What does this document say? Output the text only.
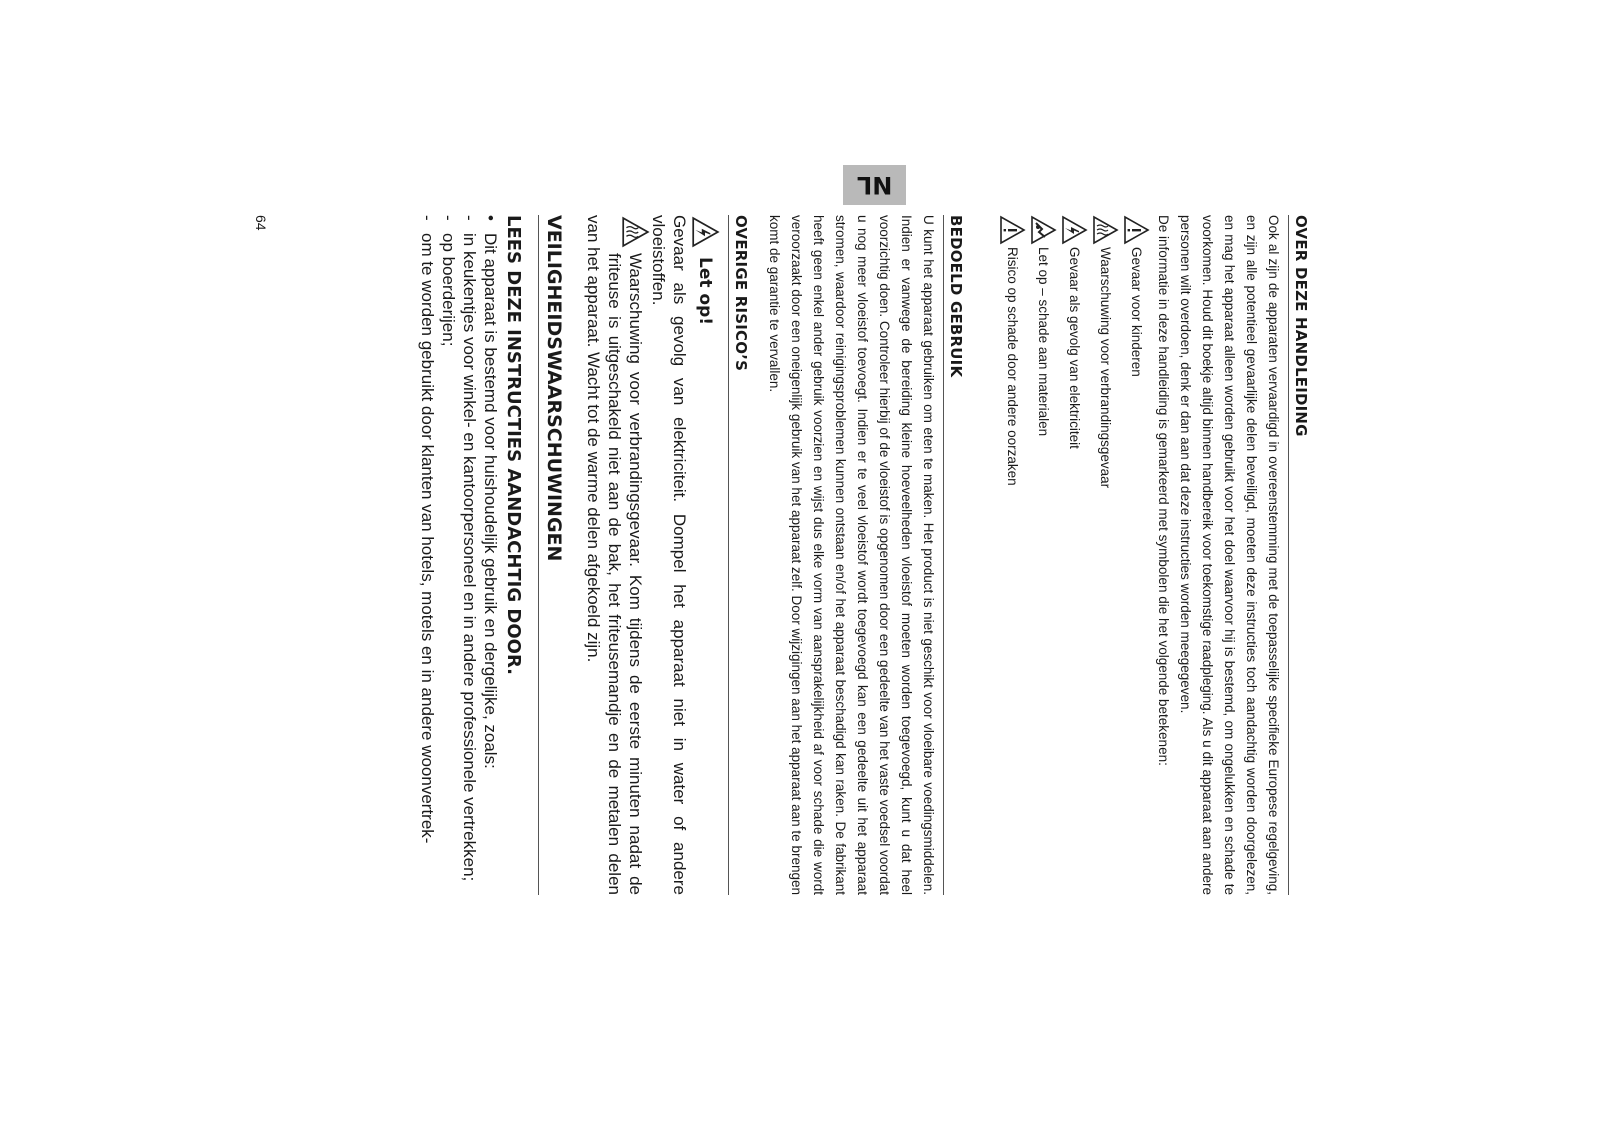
NL
64	OVER DEZE HANDLEIDING

Ook al zijn de apparaten vervaardigd in overeenstemming met de toepasselijke specifieke Europese regelgeving, en zijn alle potentieel gevaarlijke delen beveiligd, moeten deze instructies toch aandachtig worden doorgelezen, en mag het apparaat alleen worden gebruikt voor het doel waarvoor hij is bestemd, om ongelukken en schade te voorkomen. Houd dit boekje altijd binnen handbereik voor toekomstige raadpleging. Als u dit apparaat aan andere personen wilt overdoen, denk er dan aan dat deze instructies worden meegegeven.

De informatie in deze handleiding is gemarkeerd met symbolen die het volgende betekenen:

Gevaar voor kinderen
Waarschuwing voor verbrandingsgevaar
Gevaar als gevolg van elektriciteit
Let op – schade aan materialen
Risico op schade door andere oorzaken
BEDOELD GEBRUIK

U kunt het apparaat gebruiken om eten te maken. Het product is niet geschikt voor vloeibare voedingsmiddelen. Indien er vanwege de bereiding kleine hoeveelheden vloeistof moeten worden toegevoegd, kunt u dat heel voorzichtig doen. Controleer hierbij of de vloeistof is opgenomen door een gedeelte van het vaste voedsel voordat u nog meer vloeistof toevoegt. Indien er te veel vloeistof wordt toegevoegd kan een gedeelte uit het apparaat stromen, waardoor reinigingsproblemen kunnen ontstaan en/of het apparaat beschadigd kan raken. De fabrikant heeft geen enkel ander gebruik voorzien en wijst dus elke vorm van aansprakelijkheid af voor schade die wordt veroorzaakt door een oneigenlijk gebruik van het apparaat zelf. Door wijzigingen aan het apparaat aan te brengen komt de garantie te vervallen.

OVERIGE RISICO’S
Let op!

Gevaar als gevolg van elektriciteit. Dompel het apparaat niet in water of andere vloeistoffen.

Waarschuwing voor verbrandingsgevaar. Kom tijdens de eerste minuten nadat de friteuse is uitgeschakeld niet aan de bak, het friteusemandje en de metalen delen van het apparaat. Wacht tot de warme delen afgekoeld zijn.

VEILIGHEIDSWAARSCHUWINGEN
LEES DEZE INSTRUCTIES AANDACHTIG DOOR.
•
Dit apparaat is bestemd voor huishoudelijk gebruik en dergelijke, zoals:
-
in keukentjes voor winkel- en kantoorpersoneel en in andere professionele vertrekken;
-
op boerderijen;
-
om te worden gebruikt door klanten van hotels, motels en in andere woonvertrek-
